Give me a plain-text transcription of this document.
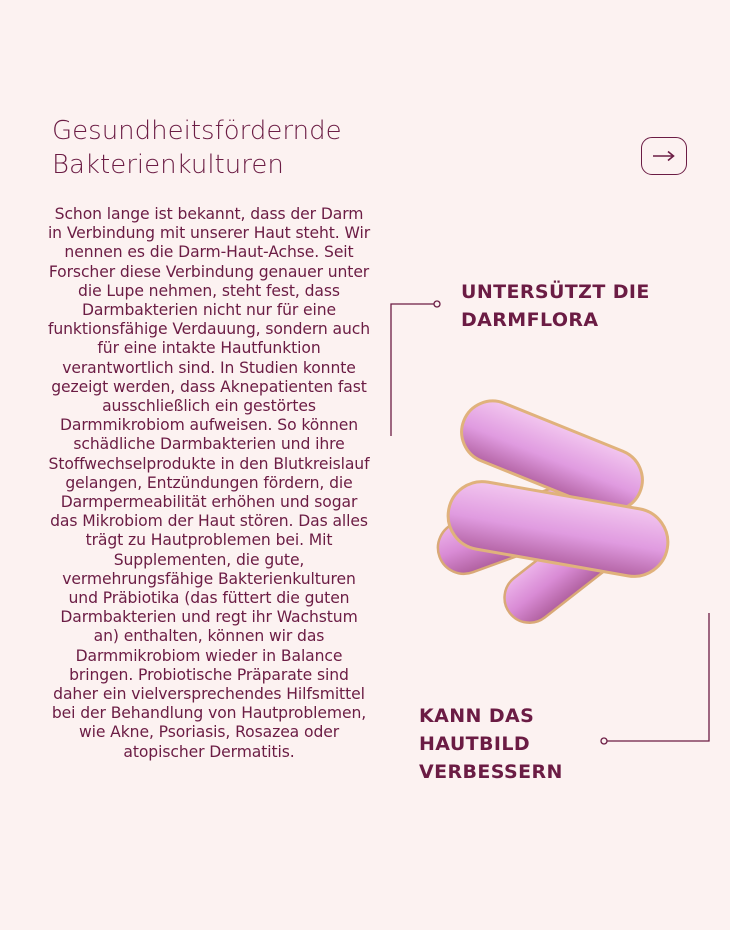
Gesundheitsfördernde
Bakterienkulturen

Schon lange ist bekannt, dass der Darm in Verbindung mit unserer Haut steht. Wir nennen es die Darm-Haut-Achse. Seit Forscher diese Verbindung genauer unter die Lupe nehmen, steht fest, dass Darmbakterien nicht nur für eine funktionsfähige Verdauung, sondern auch für eine intakte Hautfunktion verantwortlich sind. In Studien konnte gezeigt werden, dass Aknepatienten fast ausschließlich ein gestörtes Darmmikrobiom aufweisen. So können schädliche Darmbakterien und ihre Stoffwechselprodukte in den Blutkreislauf gelangen, Entzündungen fördern, die Darmpermeabilität erhöhen und sogar das Mikrobiom der Haut stören. Das alles trägt zu Hautproblemen bei. Mit Supplementen, die gute, vermehrungsfähige Bakterienkulturen und Präbiotika (das füttert die guten Darmbakterien und regt ihr Wachstum an) enthalten, können wir das Darmmikrobiom wieder in Balance bringen. Probiotische Präparate sind daher ein vielversprechendes Hilfsmittel bei der Behandlung von Hautproblemen, wie Akne, Psoriasis, Rosazea oder atopischer Dermatitis.

UNTERSÜTZT DIE
DARMFLORA
KANN DAS
HAUTBILD
VERBESSERN
